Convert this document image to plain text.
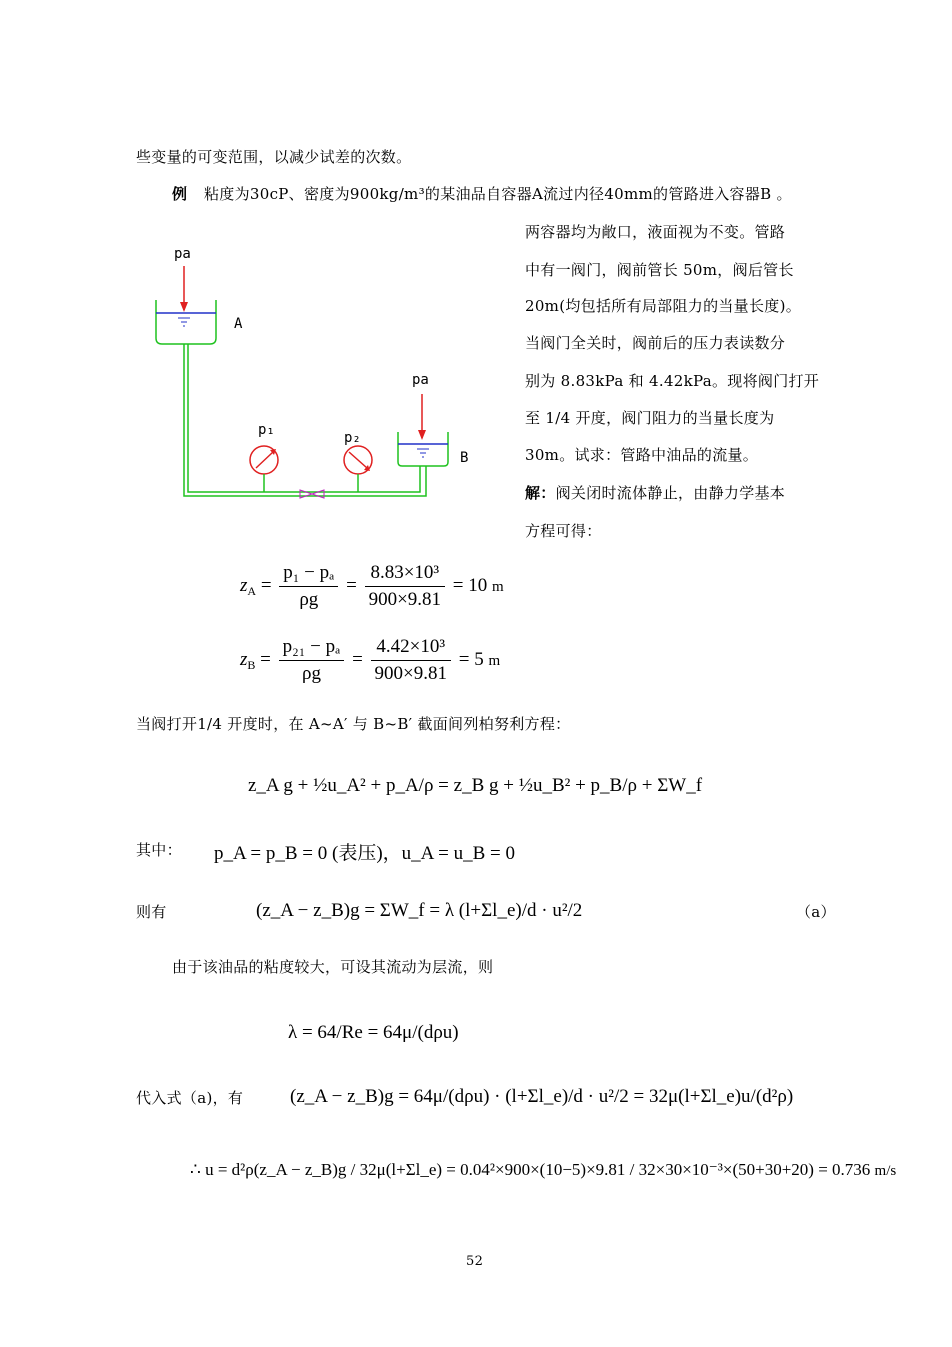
些变量的可变范围，以减少试差的次数。
例 粘度为30cP、密度为900kg/m³的某油品自容器A流过内径40mm的管路进入容器B 。
两容器均为敞口，液面视为不变。管路
中有一阀门，阀前管长 50m，阀后管长
20m(均包括所有局部阻力的当量长度)。
当阀门全关时，阀前后的压力表读数分
别为 8.83kPa 和 4.42kPa。现将阀门打开
至 1/4 开度，阀门阻力的当量长度为
30m。试求：管路中油品的流量。
解：阀关闭时流体静止，由静力学基本
方程可得：
pa
A
p₁	p₂
pa
B
$z_A = \frac{\text{p₁ − pₐ}}{\rho g} = \frac{\text{8.83×10³}}{900\times 9.81} = 10$ m
$z_B = \frac{\text{p₂₁ − pₐ}}{\rho g} = \frac{\text{4.42×10³}}{900\times 9.81} = 5$ m
当阀打开1/4 开度时，在 A~A′ 与 B~B′ 截面间列柏努利方程：
z_A g + ½u_A² + p_A/ρ = z_B g + ½u_B² + p_B/ρ + ΣW_f
其中： p_A = p_B = 0 (表压)，u_A = u_B = 0
则有	(z_A − z_B)g = ΣW_f = λ (l+Σl_e)/d · u²/2	（a）
由于该油品的粘度较大，可设其流动为层流，则
λ = 64/Re = 64μ/(dρu)
代入式（a)，有 (z_A − z_B)g = 64μ/(dρu) · (l+Σl_e)/d · u²/2 = 32μ(l+Σl_e)u/(d²ρ)
∴ u = d²ρ(z_A − z_B)g / 32μ(l+Σl_e) = 0.04²×900×(10−5)×9.81 / 32×30×10⁻³×(50+30+20) = 0.736 m/s
52
